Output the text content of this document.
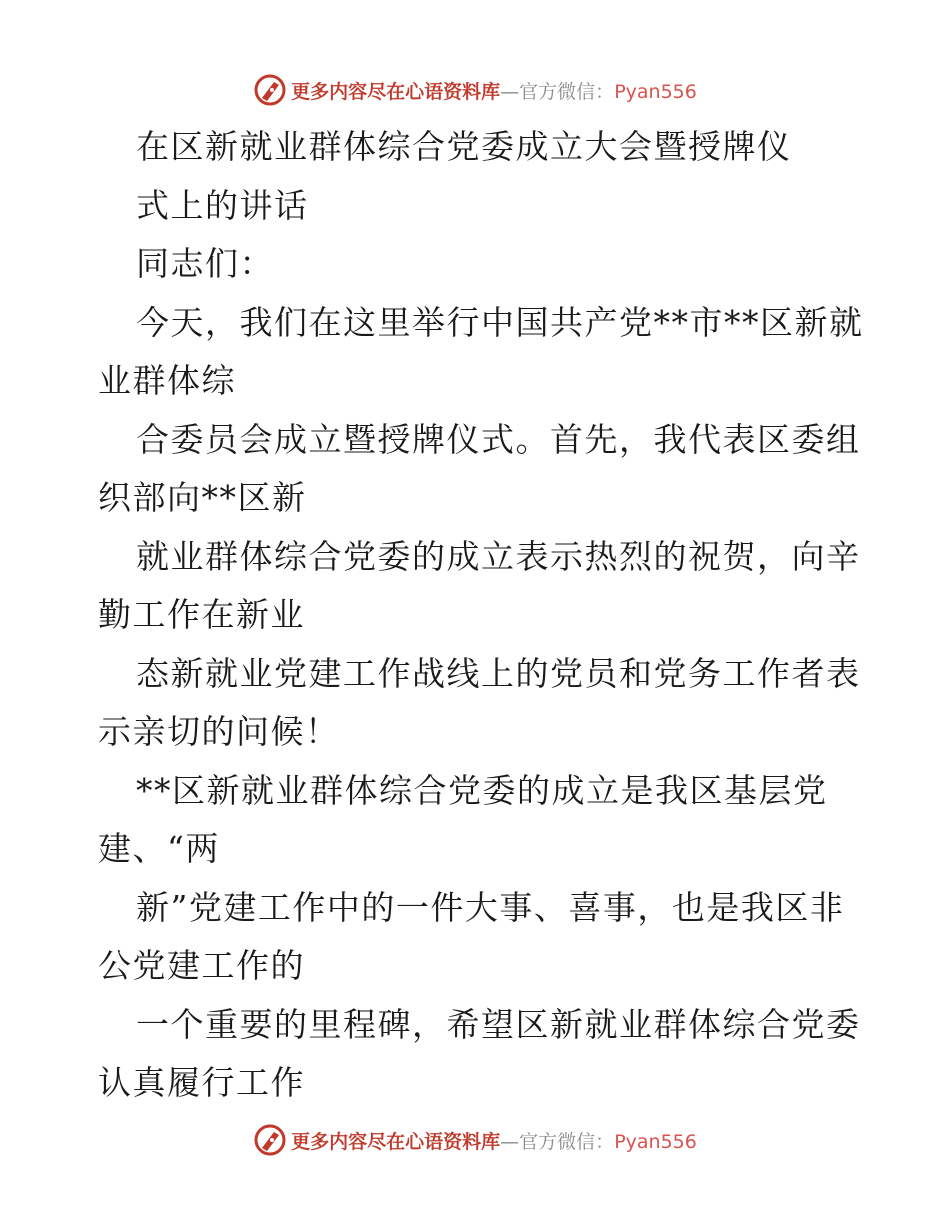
更多内容尽在心语资料库—官方微信：Pyan556
在区新就业群体综合党委成立大会暨授牌仪
式上的讲话
同志们：
今天，我们在这里举行中国共产党**市**区新就
业群体综
合委员会成立暨授牌仪式。首先，我代表区委组
织部向**区新
就业群体综合党委的成立表示热烈的祝贺，向辛
勤工作在新业
态新就业党建工作战线上的党员和党务工作者表
示亲切的问候！
**区新就业群体综合党委的成立是我区基层党
建、“两
新”党建工作中的一件大事、喜事，也是我区非
公党建工作的
一个重要的里程碑，希望区新就业群体综合党委
认真履行工作
更多内容尽在心语资料库—官方微信：Pyan556
